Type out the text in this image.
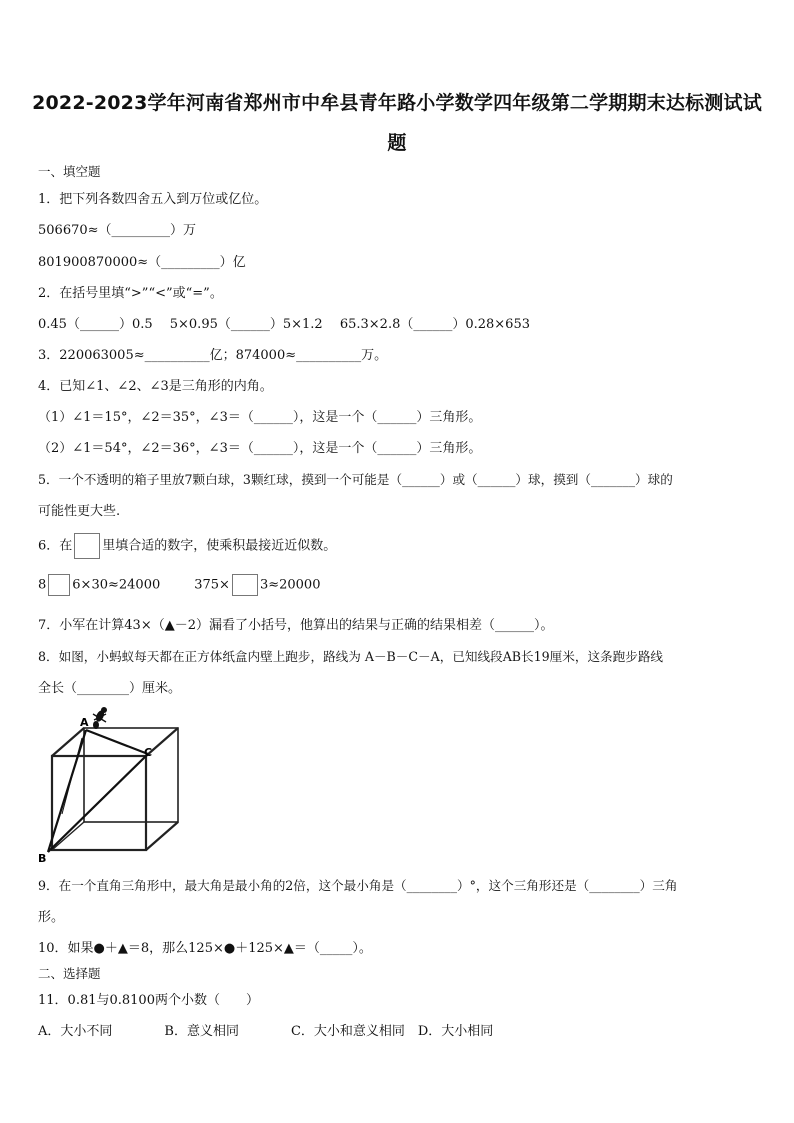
2022-2023学年河南省郑州市中牟县青年路小学数学四年级第二学期期末达标测试试
题
一、填空题
1．把下列各数四舍五入到万位或亿位。
506670≈（_________）万
801900870000≈（_________）亿
2．在括号里填“>”“<”或“=”。
0.45（______）0.5　 5×0.95（______）5×1.2　 65.3×2.8（______）0.28×653
3．220063005≈__________亿；874000≈__________万。
4．已知∠1、∠2、∠3是三角形的内角。
（1）∠1＝15°，∠2＝35°，∠3＝（______），这是一个（______）三角形。
（2）∠1＝54°，∠2＝36°，∠3＝（______），这是一个（______）三角形。
5．一个不透明的箱子里放7颗白球，3颗红球，摸到一个可能是（______）或（______）球，摸到（_______）球的
可能性更大些.
6．在 里填合适的数字，使乘积最接近近似数。
8 6×30≈24000	375× 3≈20000
7．小军在计算43×（▲－2）漏看了小括号，他算出的结果与正确的结果相差（______）。
8．如图，小蚂蚁每天都在正方体纸盒内壁上跑步，路线为 A－B－C－A，已知线段AB长19厘米，这条跑步路线
全长（________）厘米。
A
B
C
9．在一个直角三角形中，最大角是最小角的2倍，这个最小角是（________）°，这个三角形还是（________）三角
形。
10．如果●＋▲＝8，那么125×●＋125×▲＝（_____）。
二、选择题
11．0.81与0.8100两个小数（　　）
A．大小不同　　　　B．意义相同　　　　C．大小和意义相同　D．大小相同
